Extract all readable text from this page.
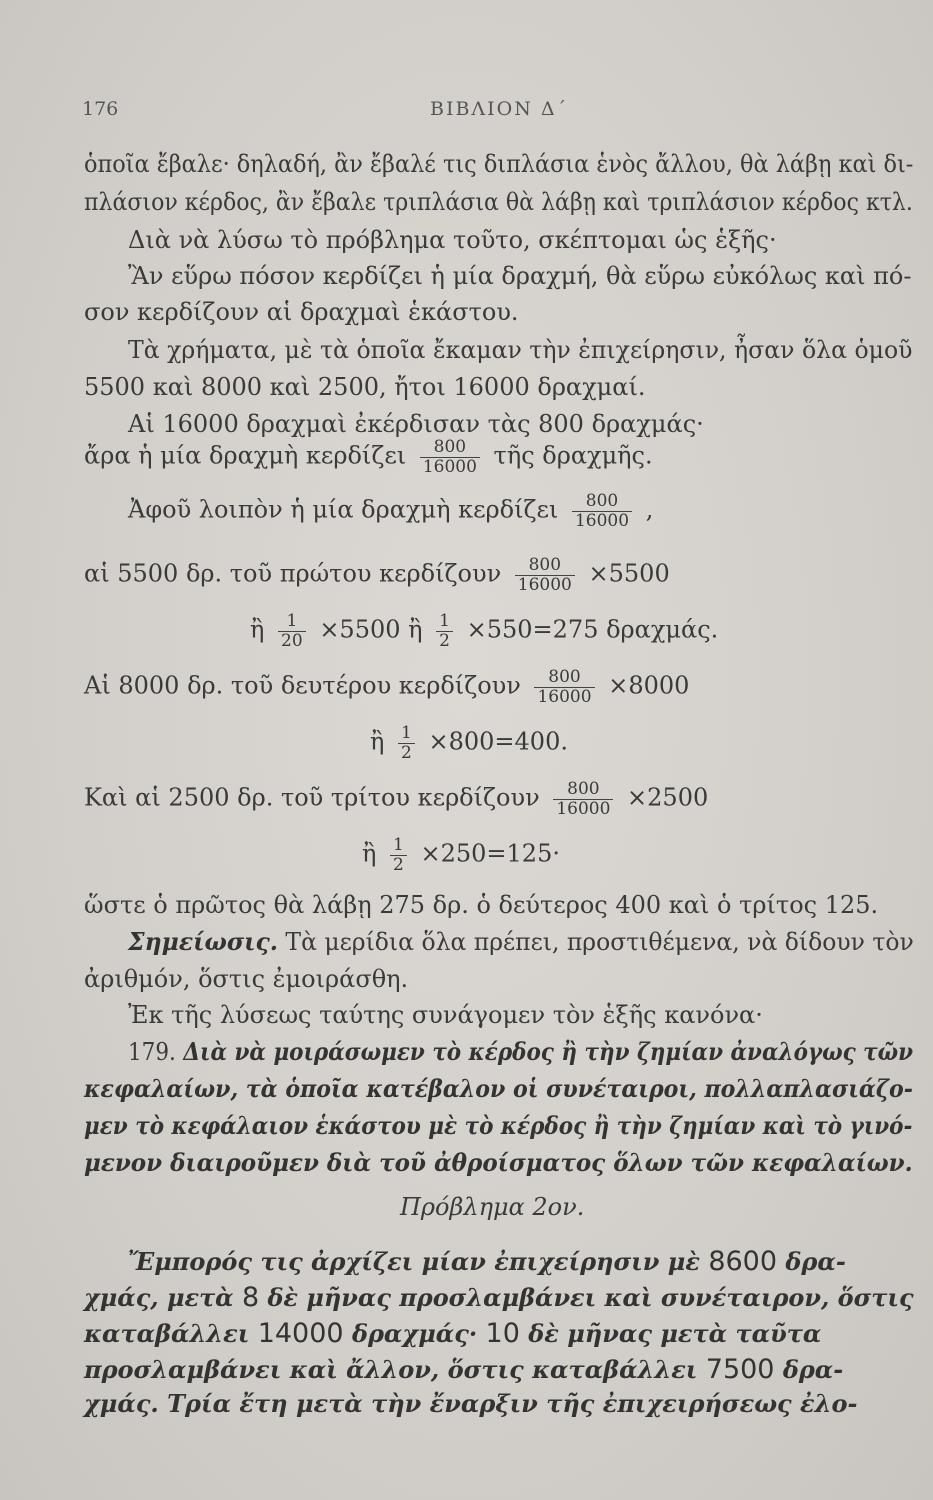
176	ΒΙΒΛΙΟΝ Δ΄
ὁποῖα ἔβαλε· δηλαδή, ἂν ἔβαλέ τις διπλάσια ἑνὸς ἄλλου, θὰ λάβῃ καὶ δι-
πλάσιον κέρδος, ἂν ἔβαλε τριπλάσια θὰ λάβῃ καὶ τριπλάσιον κέρδος κτλ.
Διὰ νὰ λύσω τὸ πρόβλημα τοῦτο, σκέπτομαι ὡς ἑξῆς·
Ἂν εὕρω πόσον κερδίζει ἡ μία δραχμή, θὰ εὕρω εὐκόλως καὶ πό-
σον κερδίζουν αἱ δραχμαὶ ἑκάστου.
Τὰ χρήματα, μὲ τὰ ὁποῖα ἔκαμαν τὴν ἐπιχείρησιν, ἦσαν ὅλα ὁμοῦ
5500 καὶ 8000 καὶ 2500, ἤτοι 16000 δραχμαί.
Αἱ 16000 δραχμαὶ ἐκέρδισαν τὰς 800 δραχμάς·
ἄρα ἡ μία δραχμὴ κερδίζει $\frac{800}{16000}$ τῆς δραχμῆς.
Ἀφοῦ λοιπὸν ἡ μία δραχμὴ κερδίζει $\frac{800}{16000}$ ,
αἱ 5500 δρ. τοῦ πρώτου κερδίζουν $\frac{800}{16000} \times 5500$
ἢ $\frac{1}{20} \times 5500$ ἢ $\frac{1}{2} \times 550=275$ δραχμάς.
Αἱ 8000 δρ. τοῦ δευτέρου κερδίζουν $\frac{800}{16000} \times 8000$
ἢ $\frac{1}{2} \times 800=400$.
Καὶ αἱ 2500 δρ. τοῦ τρίτου κερδίζουν $\frac{800}{16000} \times 2500$
ἢ $\frac{1}{2} \times 250=125\cdot$
ὥστε ὁ πρῶτος θὰ λάβῃ 275 δρ. ὁ δεύτερος 400 καὶ ὁ τρίτος 125.
Σημείωσις. Τὰ μερίδια ὅλα πρέπει, προστιθέμενα, νὰ δίδουν τὸν
ἀριθμόν, ὅστις ἐμοιράσθη.
Ἐκ τῆς λύσεως ταύτης συνάγομεν τὸν ἑξῆς κανόνα·
179. Διὰ νὰ μοιράσωμεν τὸ κέρδος ἢ τὴν ζημίαν ἀναλόγως τῶν
κεφαλαίων, τὰ ὁποῖα κατέβαλον οἱ συνέταιροι, πολλαπλασιάζο-
μεν τὸ κεφάλαιον ἑκάστου μὲ τὸ κέρδος ἢ τὴν ζημίαν καὶ τὸ γινό-
μενον διαιροῦμεν διὰ τοῦ ἀθροίσματος ὅλων τῶν κεφαλαίων.
Πρόβλημα 2ον.
Ἔμπορός τις ἀρχίζει μίαν ἐπιχείρησιν μὲ 8600 δρα-
χμάς, μετὰ 8 δὲ μῆνας προσλαμβάνει καὶ συνέταιρον, ὅστις
καταβάλλει 14000 δραχμάς· 10 δὲ μῆνας μετὰ ταῦτα
προσλαμβάνει καὶ ἄλλον, ὅστις καταβάλλει 7500 δρα-
χμάς. Τρία ἔτη μετὰ τὴν ἔναρξιν τῆς ἐπιχειρήσεως ἐλο-
